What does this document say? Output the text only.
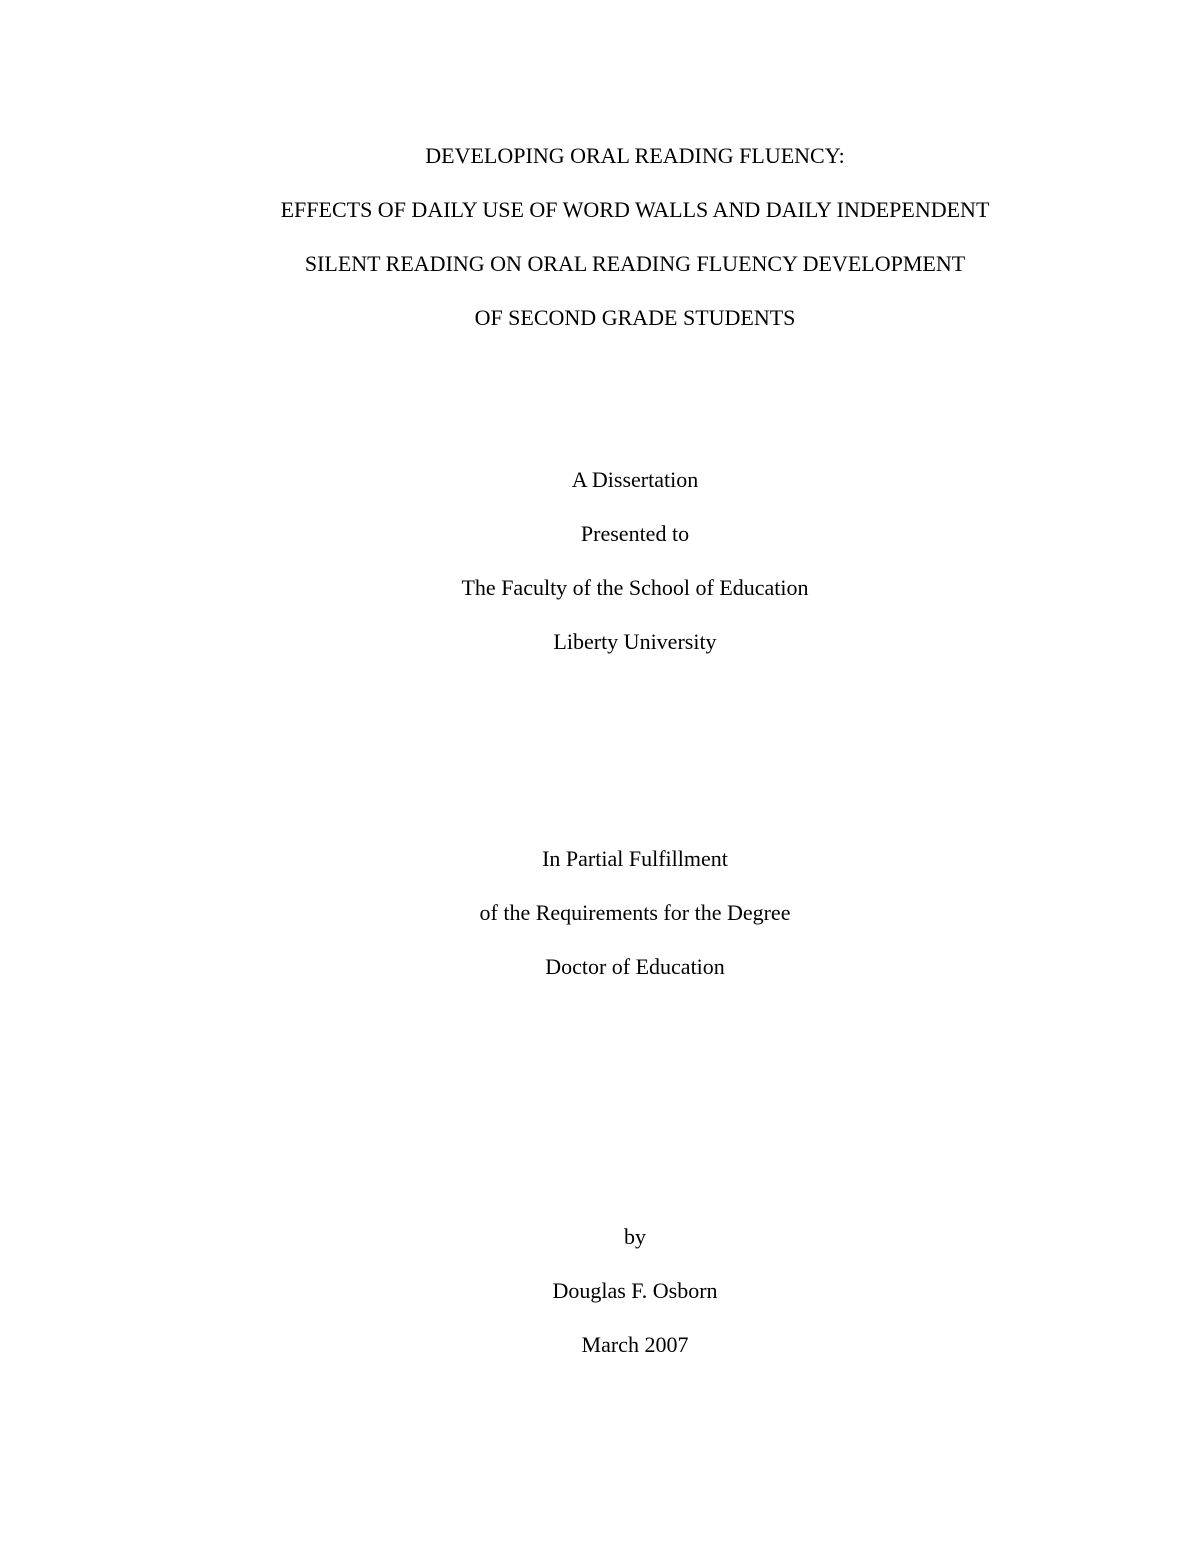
DEVELOPING ORAL READING FLUENCY:
EFFECTS OF DAILY USE OF WORD WALLS AND DAILY INDEPENDENT
SILENT READING ON ORAL READING FLUENCY DEVELOPMENT
OF SECOND GRADE STUDENTS
A Dissertation
Presented to
The Faculty of the School of Education
Liberty University
In Partial Fulfillment
of the Requirements for the Degree
Doctor of Education
by
Douglas F. Osborn
March 2007
